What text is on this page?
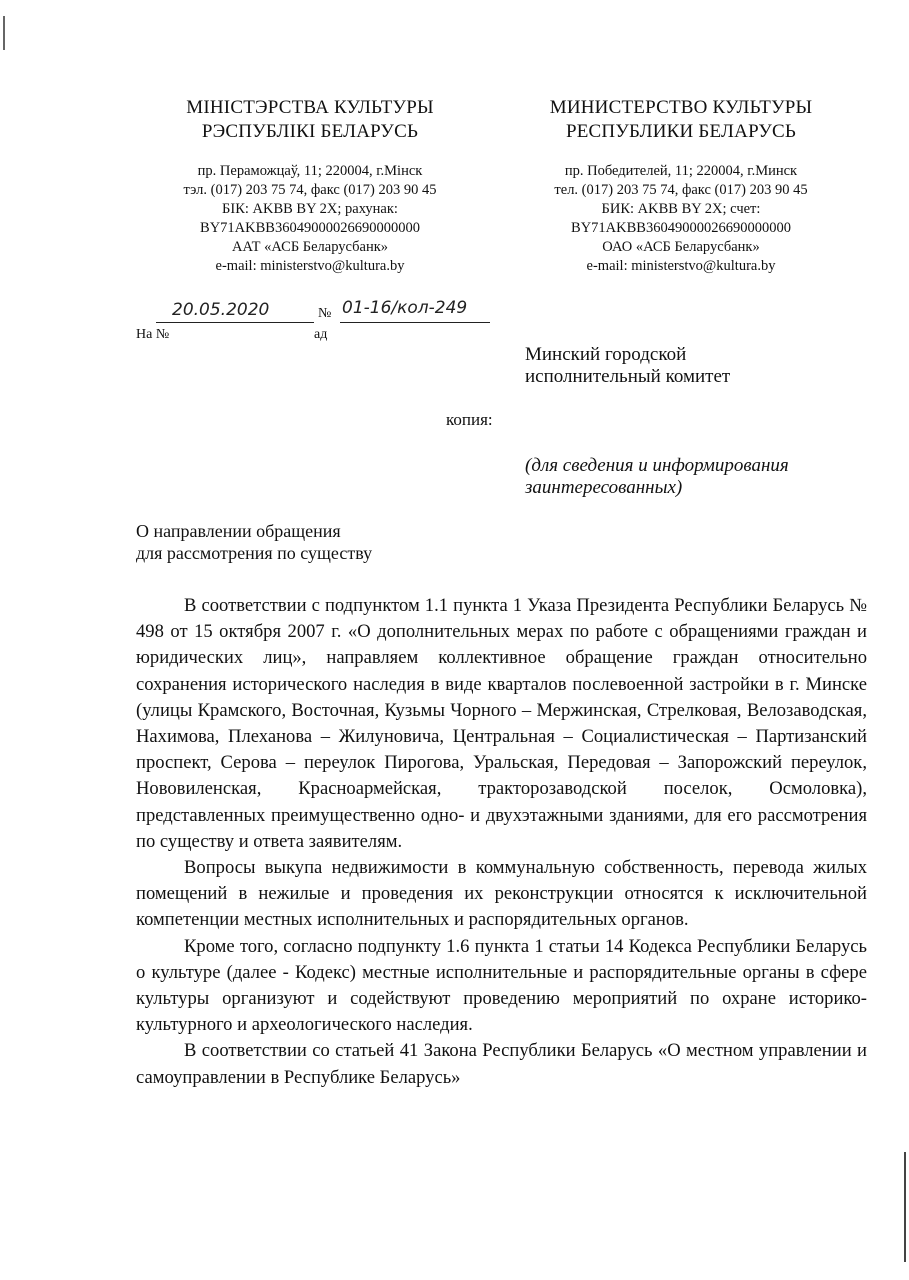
МІНІСТЭРСТВА КУЛЬТУРЫ
РЭСПУБЛІКІ БЕЛАРУСЬ
пр. Пераможцаў, 11; 220004, г.Мінск
тэл. (017) 203 75 74, факс (017) 203 90 45
БІК: AKBB BY 2X; рахунак:
BY71AKBB36049000026690000000
ААТ «АСБ Беларусбанк»
e-mail: ministerstvo@kultura.by
МИНИСТЕРСТВО КУЛЬТУРЫ
РЕСПУБЛИКИ БЕЛАРУСЬ
пр. Победителей, 11; 220004, г.Минск
тел. (017) 203 75 74, факс (017) 203 90 45
БИК: AKBB BY 2X; счет:
BY71AKBB36049000026690000000
ОАО «АСБ Беларусбанк»
e-mail: ministerstvo@kultura.by
20.05.2020	№ 01-16/кол-249
На №	ад
Минский городской
исполнительный комитет
копия:
(для сведения и информирования
заинтересованных)
О направлении обращения
для рассмотрения по существу

В соответствии с подпунктом 1.1 пункта 1 Указа Президента Республики Беларусь № 498 от 15 октября 2007 г. «О дополнительных мерах по работе с обращениями граждан и юридических лиц», направляем коллективное обращение граждан относительно сохранения исторического наследия в виде кварталов послевоенной застройки в г. Минске (улицы Крамского, Восточная, Кузьмы Чорного – Мержинская, Стрелковая, Велозаводская, Нахимова, Плеханова – Жилуновича, Центральная – Социалистическая – Партизанский проспект, Серова – переулок Пирогова, Уральская, Передовая – Запорожский переулок, Нововиленская, Красноармейская, тракторозаводской поселок, Осмоловка), представленных преимущественно одно- и двухэтажными зданиями, для его рассмотрения по существу и ответа заявителям.

Вопросы выкупа недвижимости в коммунальную собственность, перевода жилых помещений в нежилые и проведения их реконструкции относятся к исключительной компетенции местных исполнительных и распорядительных органов.

Кроме того, согласно подпункту 1.6 пункта 1 статьи 14 Кодекса Республики Беларусь о культуре (далее - Кодекс) местные исполнительные и распорядительные органы в сфере культуры организуют и содействуют проведению мероприятий по охране историко-культурного и археологического наследия.

В соответствии со статьей 41 Закона Республики Беларусь «О местном управлении и самоуправлении в Республике Беларусь»
